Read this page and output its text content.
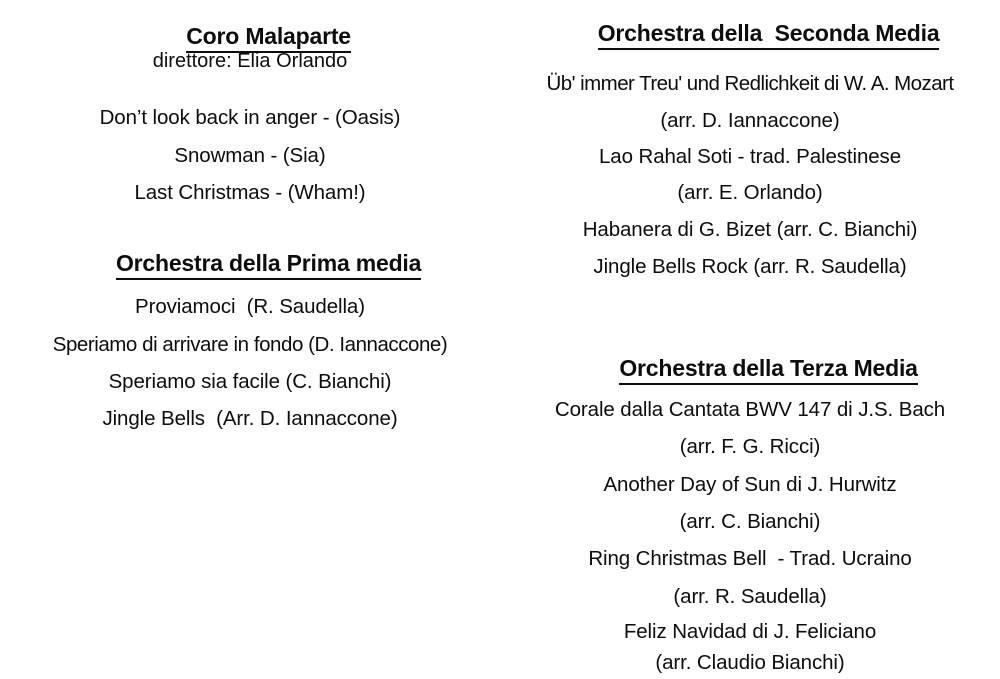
Coro Malaparte

direttore: Elia Orlando
Don’t look back in anger - (Oasis)
Snowman - (Sia)
Last Christmas - (Wham!)

Orchestra della Prima media

Proviamoci  (R. Saudella)
Speriamo di arrivare in fondo (D. Iannaccone)
Speriamo sia facile (C. Bianchi)
Jingle Bells  (Arr. D. Iannaccone)

Orchestra della  Seconda Media

Üb' immer Treu' und Redlichkeit di W. A. Mozart
(arr. D. Iannaccone)
Lao Rahal Soti - trad. Palestinese
(arr. E. Orlando)
Habanera di G. Bizet (arr. C. Bianchi)
Jingle Bells Rock (arr. R. Saudella)

Orchestra della Terza Media

Corale dalla Cantata BWV 147 di J.S. Bach
(arr. F. G. Ricci)
Another Day of Sun di J. Hurwitz
(arr. C. Bianchi)
Ring Christmas Bell  - Trad. Ucraino
(arr. R. Saudella)
Feliz Navidad di J. Feliciano
(arr. Claudio Bianchi)
